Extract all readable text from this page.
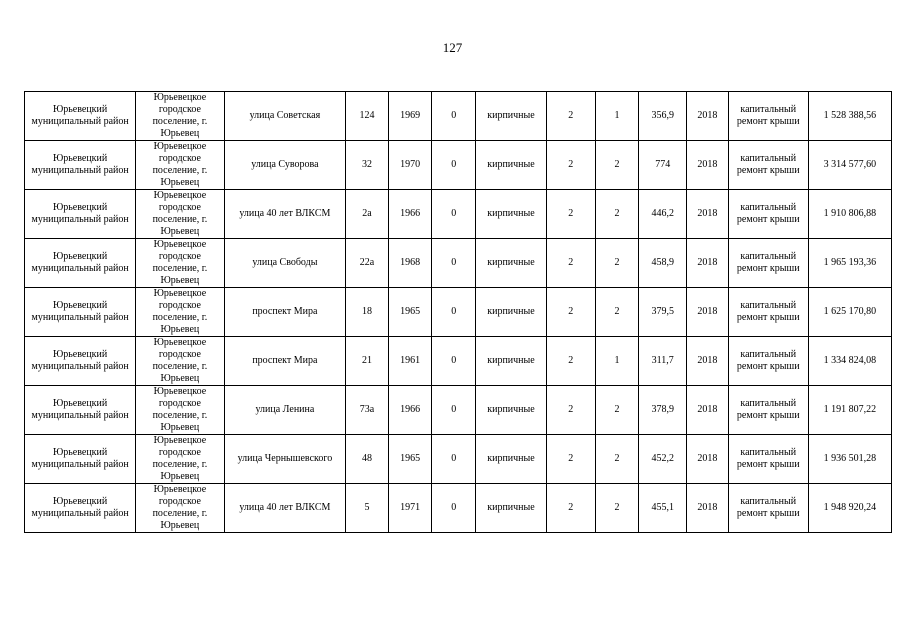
127
Юрьевецкий муниципальный район	Юрьевецкое городское поселение, г. Юрьевец	улица Советская	124	1969	0	кирпичные	2	1	356,9	2018	капитальный ремонт крыши	1 528 388,56
Юрьевецкий муниципальный район	Юрьевецкое городское поселение, г. Юрьевец	улица Суворова	32	1970	0	кирпичные	2	2	774	2018	капитальный ремонт крыши	3 314 577,60
Юрьевецкий муниципальный район	Юрьевецкое городское поселение, г. Юрьевец	улица 40 лет ВЛКСМ	2а	1966	0	кирпичные	2	2	446,2	2018	капитальный ремонт крыши	1 910 806,88
Юрьевецкий муниципальный район	Юрьевецкое городское поселение, г. Юрьевец	улица Свободы	22а	1968	0	кирпичные	2	2	458,9	2018	капитальный ремонт крыши	1 965 193,36
Юрьевецкий муниципальный район	Юрьевецкое городское поселение, г. Юрьевец	проспект Мира	18	1965	0	кирпичные	2	2	379,5	2018	капитальный ремонт крыши	1 625 170,80
Юрьевецкий муниципальный район	Юрьевецкое городское поселение, г. Юрьевец	проспект Мира	21	1961	0	кирпичные	2	1	311,7	2018	капитальный ремонт крыши	1 334 824,08
Юрьевецкий муниципальный район	Юрьевецкое городское поселение, г. Юрьевец	улица Ленина	73а	1966	0	кирпичные	2	2	378,9	2018	капитальный ремонт крыши	1 191 807,22
Юрьевецкий муниципальный район	Юрьевецкое городское поселение, г. Юрьевец	улица Чернышевского	48	1965	0	кирпичные	2	2	452,2	2018	капитальный ремонт крыши	1 936 501,28
Юрьевецкий муниципальный район	Юрьевецкое городское поселение, г. Юрьевец	улица 40 лет ВЛКСМ	5	1971	0	кирпичные	2	2	455,1	2018	капитальный ремонт крыши	1 948 920,24
